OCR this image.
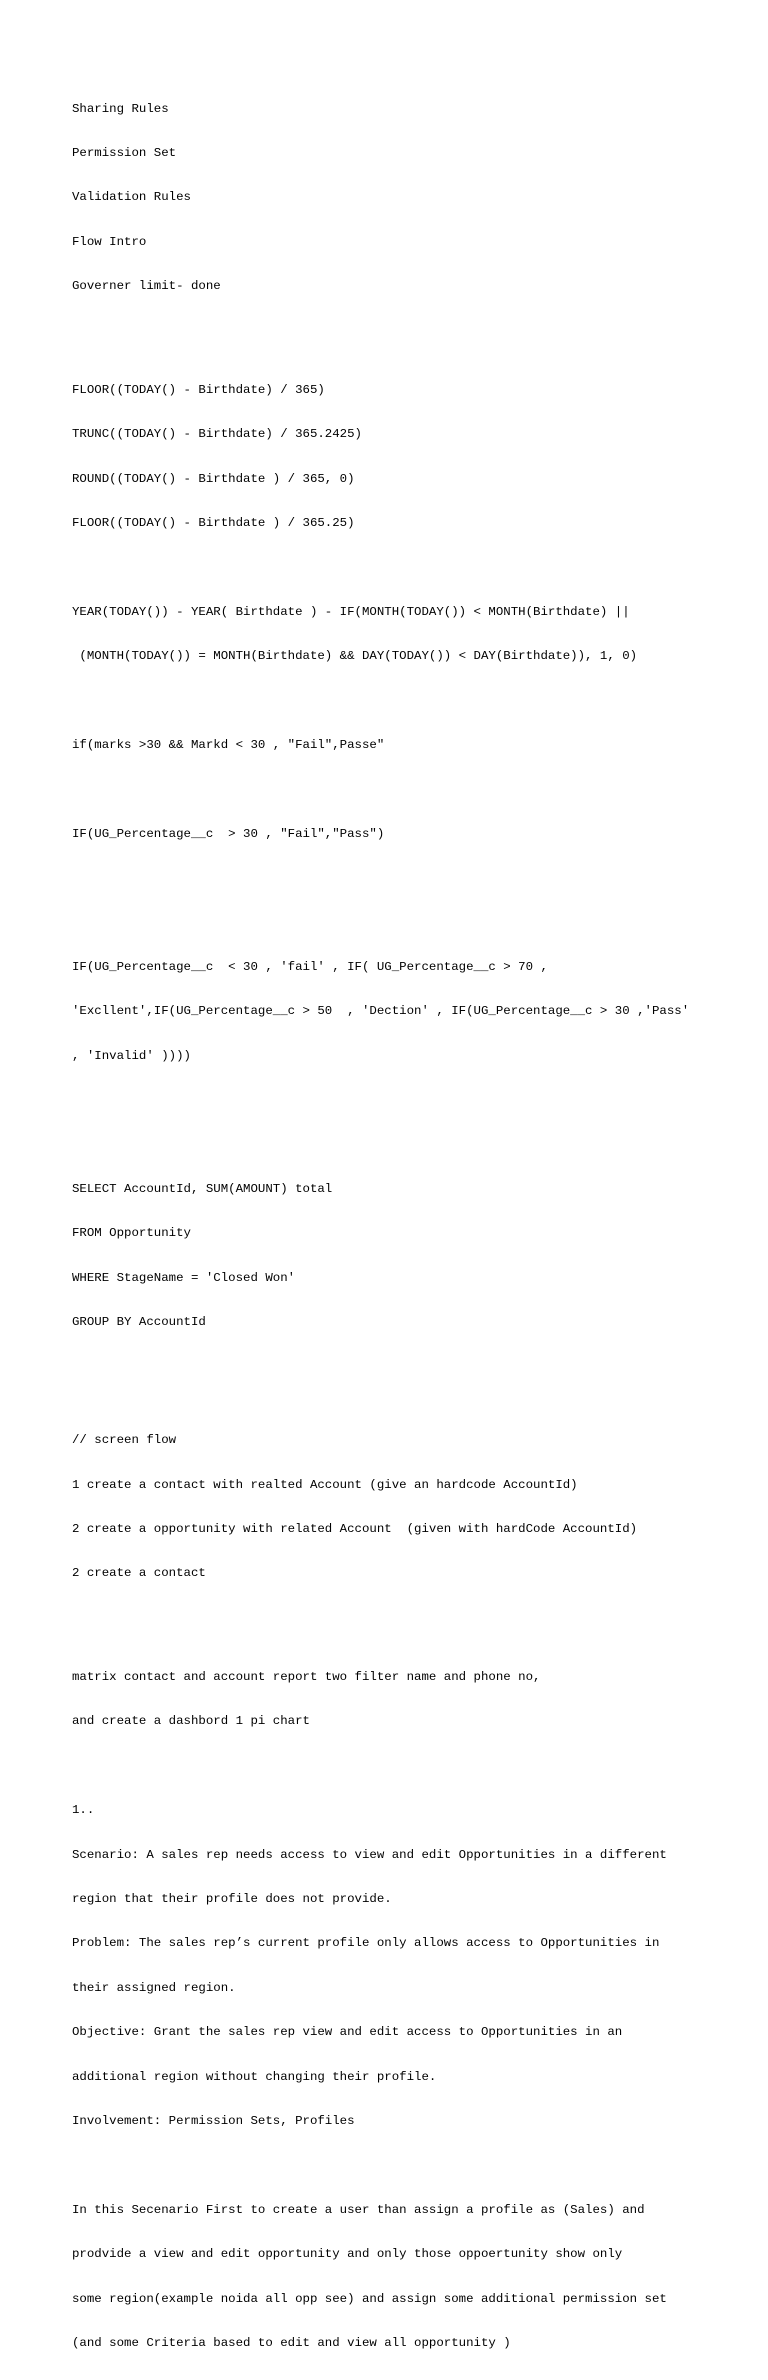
Sharing Rules

Permission Set

Validation Rules

Flow Intro

Governer limit- done

FLOOR((TODAY() - Birthdate) / 365)

TRUNC((TODAY() - Birthdate) / 365.2425)

ROUND((TODAY() - Birthdate ) / 365, 0)

FLOOR((TODAY() - Birthdate ) / 365.25)

YEAR(TODAY()) - YEAR( Birthdate ) - IF(MONTH(TODAY()) < MONTH(Birthdate) ||

(MONTH(TODAY()) = MONTH(Birthdate) && DAY(TODAY()) < DAY(Birthdate)), 1, 0)

if(marks >30 && Markd < 30 , "Fail",Passe"

IF(UG_Percentage__c  > 30 , "Fail","Pass")

IF(UG_Percentage__c  < 30 , 'fail' , IF( UG_Percentage__c > 70 ,

'Excllent',IF(UG_Percentage__c > 50  , 'Dection' , IF(UG_Percentage__c > 30 ,'Pass'

, 'Invalid' ))))

SELECT AccountId, SUM(AMOUNT) total

FROM Opportunity

WHERE StageName = 'Closed Won'

GROUP BY AccountId

// screen flow

1 create a contact with realted Account (give an hardcode AccountId)

2 create a opportunity with related Account  (given with hardCode AccountId)

2 create a contact

matrix contact and account report two filter name and phone no,

and create a dashbord 1 pi chart

1..

Scenario: A sales rep needs access to view and edit Opportunities in a different

region that their profile does not provide.

Problem: The sales rep’s current profile only allows access to Opportunities in

their assigned region.

Objective: Grant the sales rep view and edit access to Opportunities in an

additional region without changing their profile.

Involvement: Permission Sets, Profiles

In this Secenario First to create a user than assign a profile as (Sales) and

prodvide a view and edit opportunity and only those oppoertunity show only

some region(example noida all opp see) and assign some additional permission set

(and some Criteria based to edit and view all opportunity )
